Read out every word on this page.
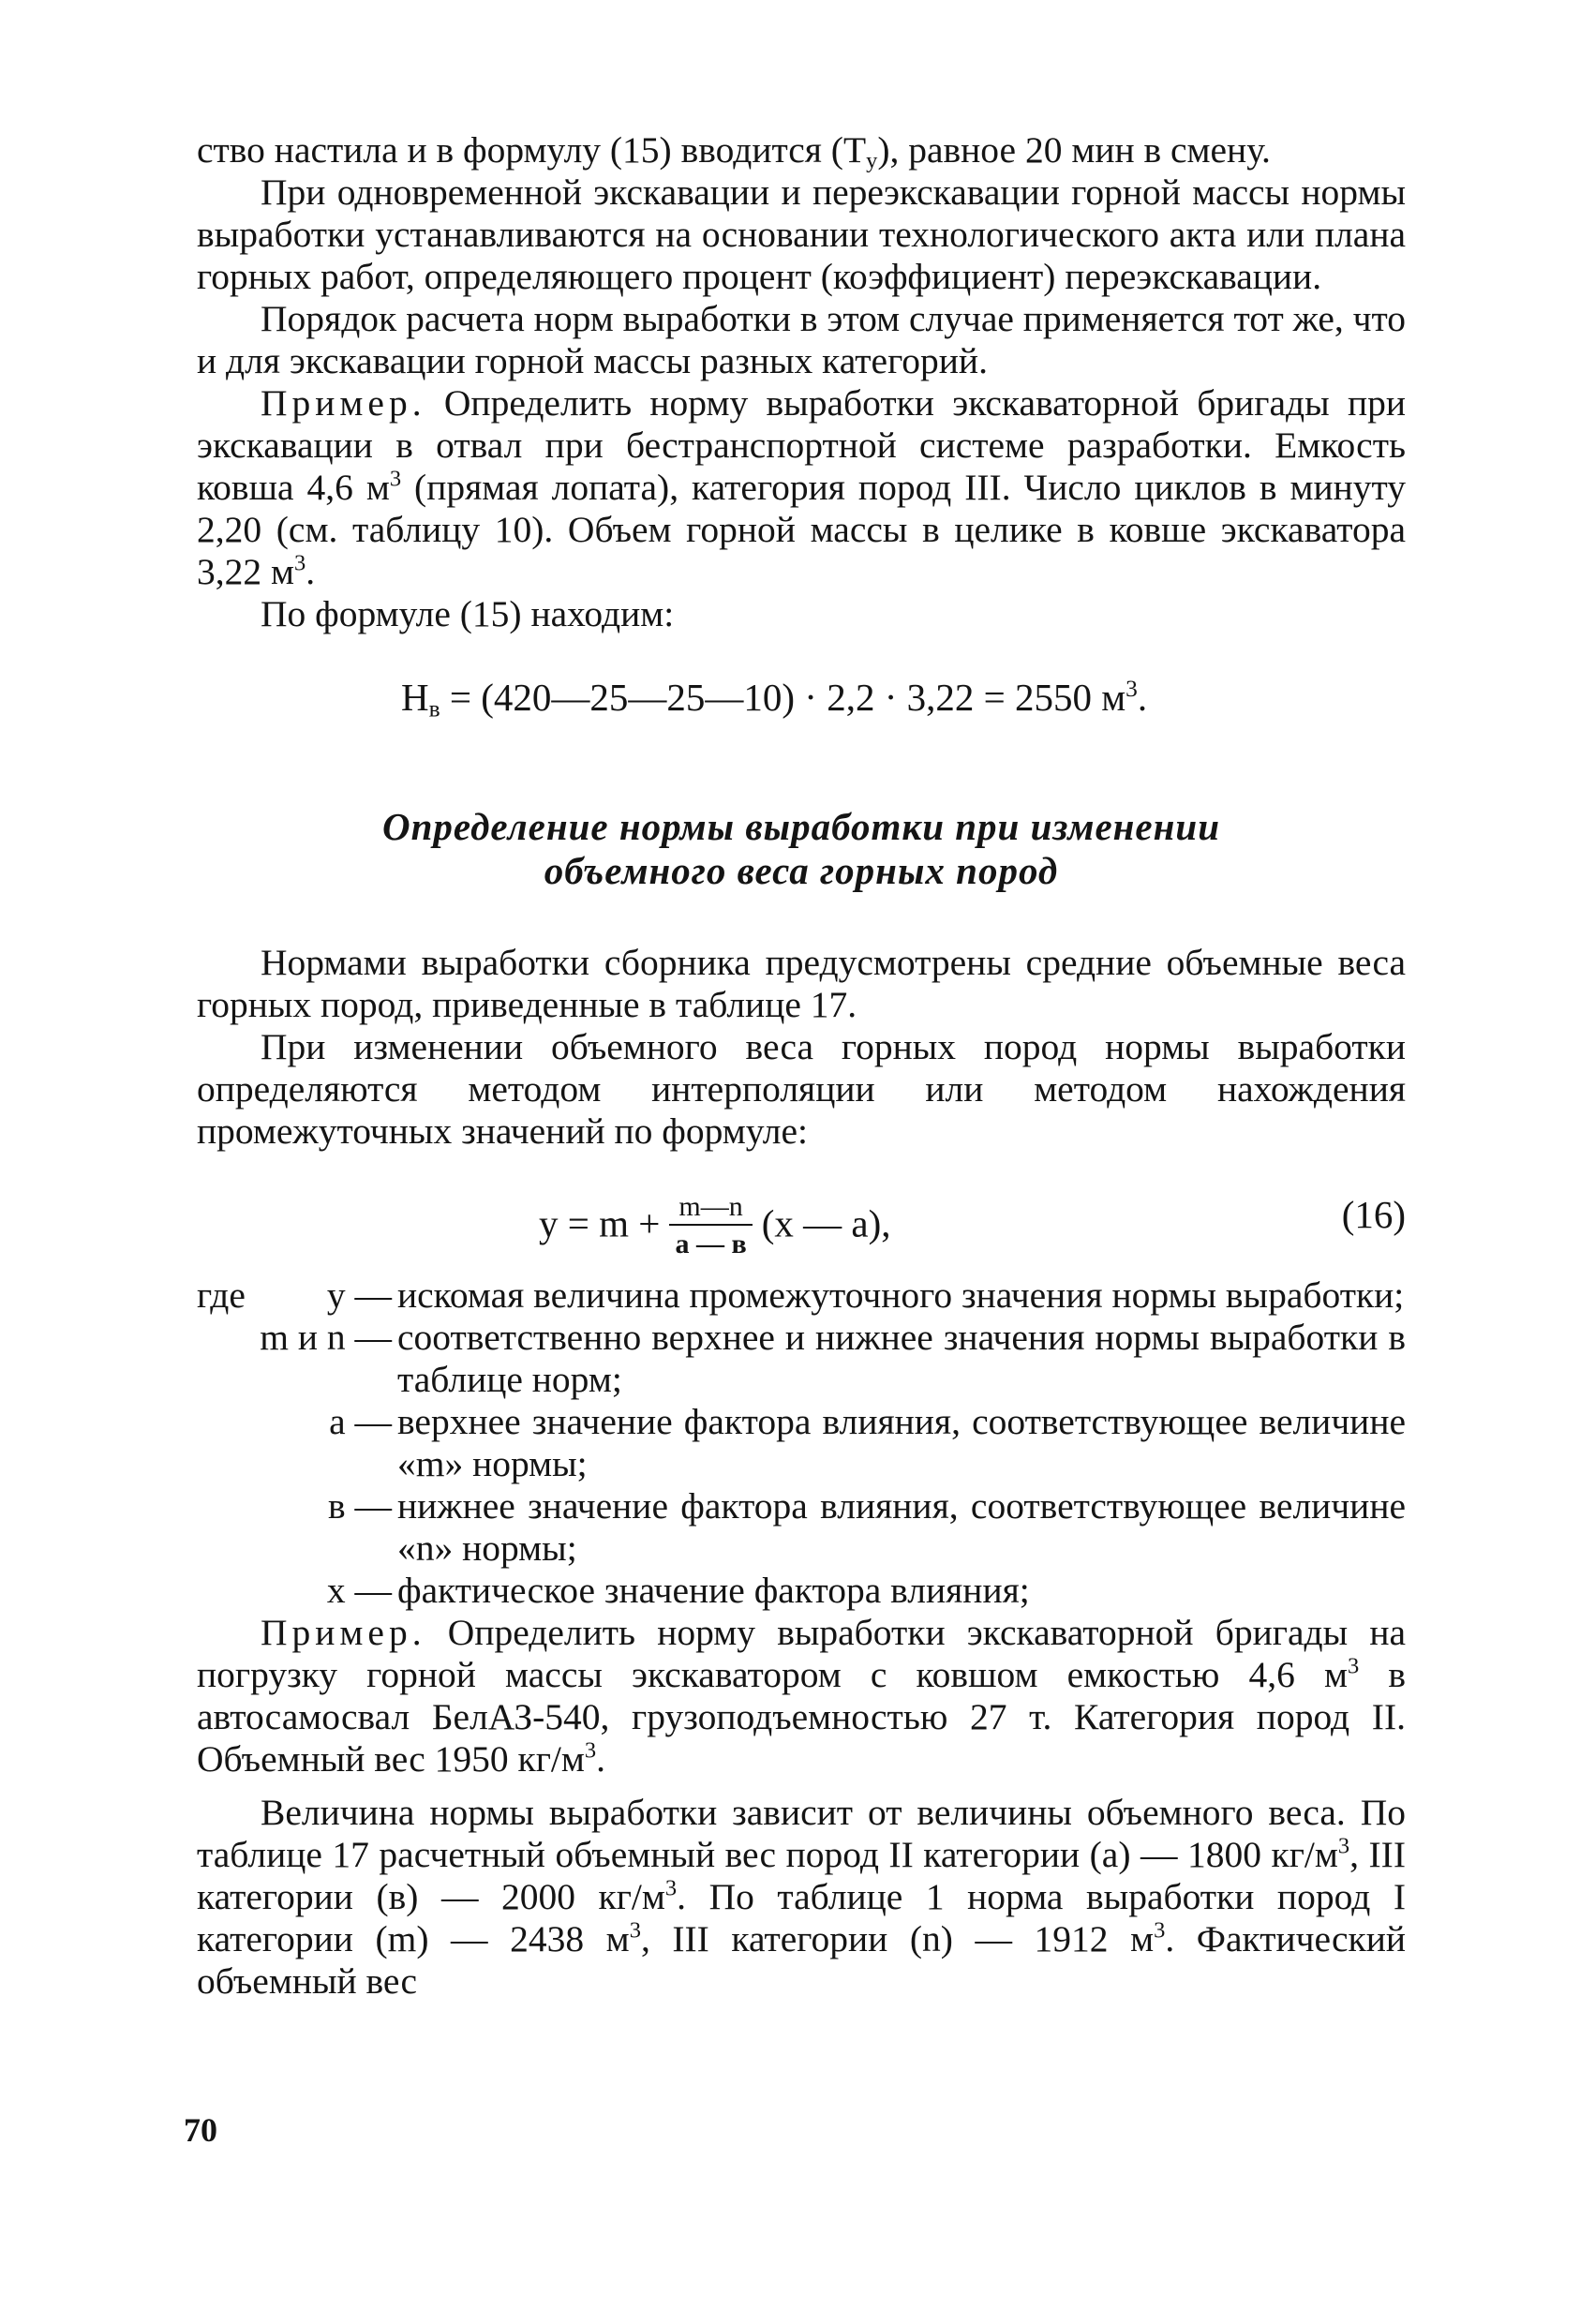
ство настила и в формулу (15) вводится $(Т_у)$, равное 20 мин в смену.

При одновременной экскавации и переэкскавации горной массы нормы выработки устанавливаются на основании технологического акта или плана горных работ, определяющего процент (коэффициент) переэкскавации.

Порядок расчета норм выработки в этом случае применяется тот же, что и для экскавации горной массы разных категорий.

Пример. Определить норму выработки экскаваторной бригады при экскавации в отвал при бестранспортной системе разработки. Емкость ковша 4,6 $м^3$ (прямая лопата), категория пород III. Число циклов в минуту 2,20 (см. таблицу 10). Объем горной массы в целике в ковше экскаватора 3,22 $м^3$.

По формуле (15) находим:

$Н_в$ = (420—25—25—10) · 2,2 · 3,22 = 2550 $м^3$.

Определение нормы выработки при изменении

объемного веса горных пород

Нормами выработки сборника предусмотрены средние объемные веса горных пород, приведенные в таблице 17.

При изменении объемного веса горных пород нормы выработки определяются методом интерполяции или методом нахождения промежуточных значений по формуле:

$y = m + \frac{m—n}{a — в} (x$ — a),	(16)
где	y — искомая величина промежуточного значения нормы выработки;
m и n — соответственно верхнее и нижнее значения нормы выработки в таблице норм;
a — верхнее значение фактора влияния, соответствующее величине «m» нормы;
в — нижнее значение фактора влияния, соответствующее величине «n» нормы;
x — фактическое значение фактора влияния;

Пример. Определить норму выработки экскаваторной бригады на погрузку горной массы экскаватором с ковшом емкостью 4,6 $м^3$ в автосамосвал БелАЗ-540, грузоподъемностью 27 т. Категория пород II. Объемный вес 1950 $кг/м^3$.

Величина нормы выработки зависит от величины объемного веса. По таблице 17 расчетный объемный вес пород II категории (a) — 1800 $кг/м^3$, III категории (в) — 2000 $кг/м^3$. По таблице 1 норма выработки пород I категории (m) — 2438 $м^3$, III категории (n) — 1912 $м^3$. Фактический объемный вес

70
